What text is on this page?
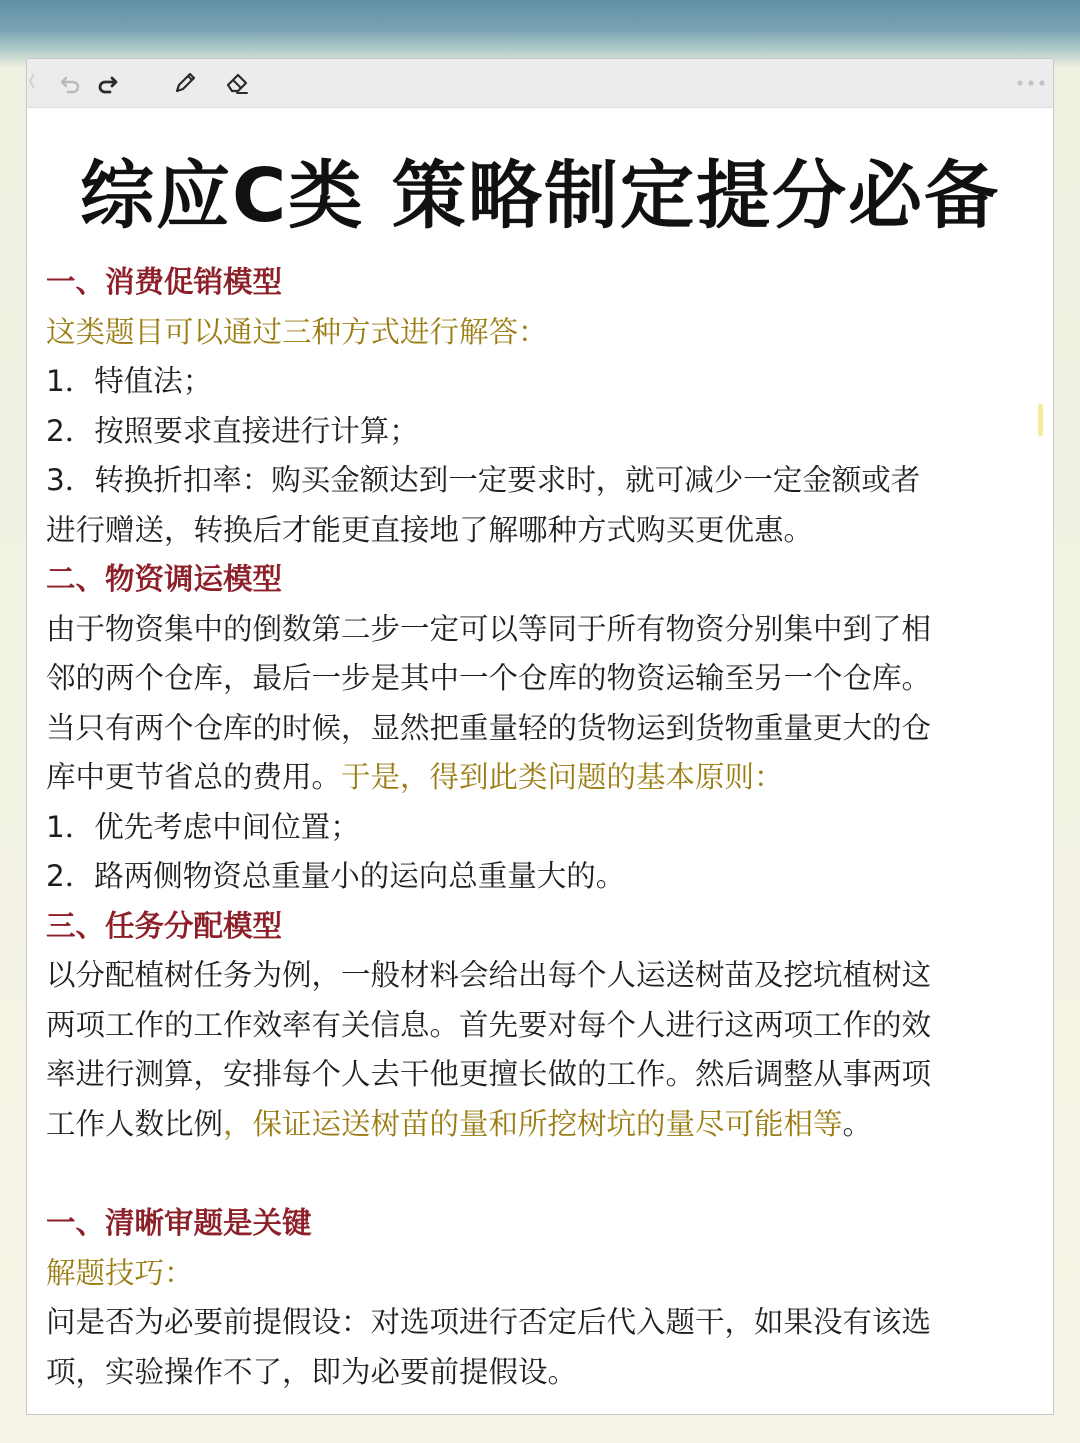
综应C类 策略制定提分必备

一、消费促销模型

这类题目可以通过三种方式进行解答：

1．特值法；

2．按照要求直接进行计算；

3．转换折扣率：购买金额达到一定要求时，就可减少一定金额或者

进行赠送，转换后才能更直接地了解哪种方式购买更优惠。

二、物资调运模型

由于物资集中的倒数第二步一定可以等同于所有物资分别集中到了相

邻的两个仓库，最后一步是其中一个仓库的物资运输至另一个仓库。

当只有两个仓库的时候，显然把重量轻的货物运到货物重量更大的仓

库中更节省总的费用。于是，得到此类问题的基本原则：

1．优先考虑中间位置；

2．路两侧物资总重量小的运向总重量大的。

三、任务分配模型

以分配植树任务为例，一般材料会给出每个人运送树苗及挖坑植树这

两项工作的工作效率有关信息。首先要对每个人进行这两项工作的效

率进行测算，安排每个人去干他更擅长做的工作。然后调整从事两项

工作人数比例，保证运送树苗的量和所挖树坑的量尽可能相等。

一、清晰审题是关键

解题技巧：

问是否为必要前提假设：对选项进行否定后代入题干，如果没有该选

项，实验操作不了，即为必要前提假设。
